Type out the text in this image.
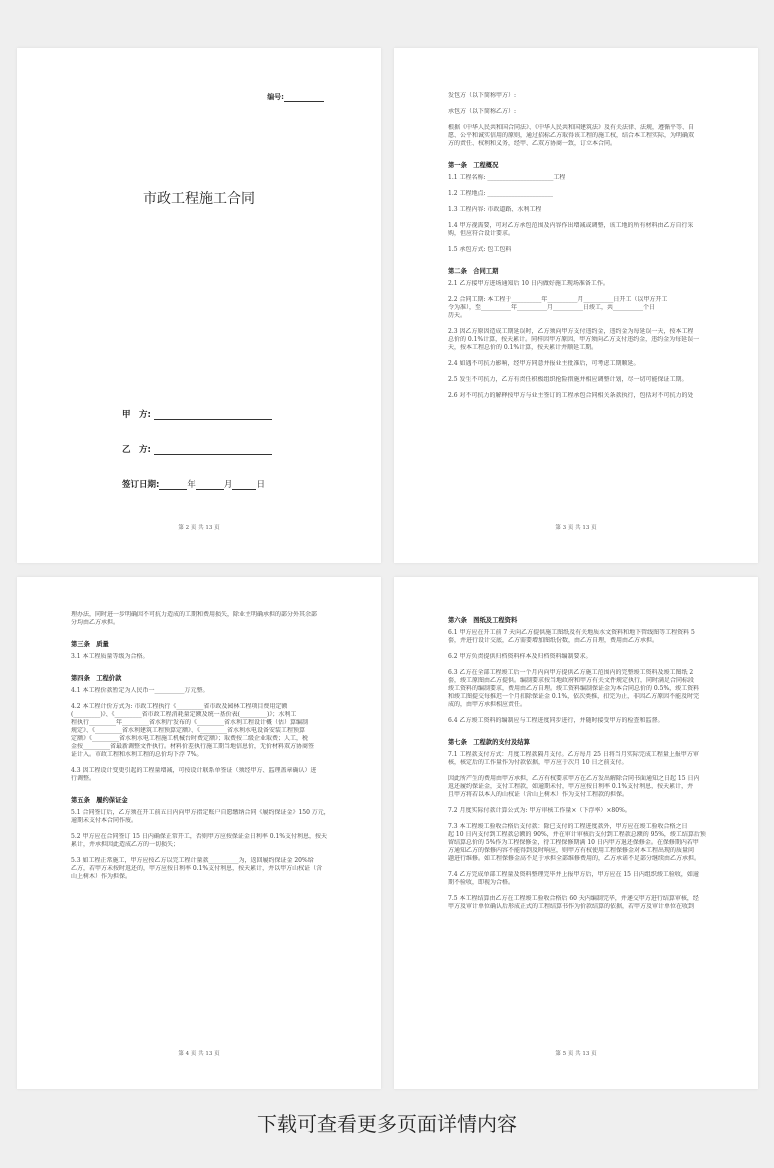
编号:
市政工程施工合同
甲　方:
乙　方:
签订日期:	年	月	日
第 2 页 共 13 页
发包方（以下简称甲方）:
承包方（以下简称乙方）:
根据《中华人民共和国合同法》、《中华人民共和国建筑法》及有关法律、法规，遵循平等、自
愿、公平和诚实信用的原则，通过招标乙方取得该工程的施工权，结合本工程实际，为明确双
方的责任、权利和义务，经甲、乙双方协商一致，订立本合同。
第一条　工程概况
1.1 工程名称: ______________________工程
1.2 工程地点: ______________________
1.3 工程内容: 市政道路、水利工程
1.4 甲方视需要，可对乙方承包范围及内容作出增减或调整，该工地的所有材料由乙方自行采
购，但应符合设计要求。
1.5 承包方式: 包工包料
第二条　合同工期
2.1 乙方接甲方进场通知后 10 日内做好施工现场准备工作。
2.2 合同工期: 本工程于__________年__________月__________日开工（以甲方开工
令为准），至__________年__________月__________日竣工，共__________个日
历天。
2.3 因乙方原因造成工期延误时，乙方须向甲方支付违约金，违约金为每延误一天，按本工程
总价的 0.1%计算，按天累计。同样因甲方原因，甲方须向乙方支付违约金，违约金为每延误一
天，按本工程总价的 0.1%计算，按天累计并顺延工期。
2.4 如遇不可抗力影响，经甲方同意并报业主批准后，可考虑工期顺延。
2.5 发生不可抗力，乙方有责任积极组织抢险措施并相应调整计划，尽一切可能保证工期。
2.6 对不可抗力的解释按甲方与业主签订的工程承包合同相关条款执行，包括对不可抗力的处
第 3 页 共 13 页
理办法，同时进一步明确因不可抗力造成的工期和费用损失，除业主明确承担的部分外其余部
分均由乙方承担。
第三条　质量
3.1 本工程质量等级为合格。
第四条　工程价款
4.1 本工程价款暂定为人民币一__________万元整。
4.2 本工程计价方式为: 市政工程执行《_________省市政及园林工程项目费用定额
(_________)》、《_________省市政工程消耗量定额及统一基价表(_________)》；水利工
程执行_________年_________省水利厅发布的《_________省水利工程设计概（估）算编制
规定》、《_________省水利建筑工程预算定额》、《_________省水利水电设备安装工程预算
定额》《_________省水利水电工程施工机械台时费定额》；取费按二级企业取费；人工，税
金按_________省最新调整文件执行。材料价差执行施工期当地信息价，无价材料双方协商签
证计入。市政工程和水利工程的总价均下浮 7%。
4.3 因工程设计变更引起的工程量增减，可按设计联系单签证（须经甲方、监理盖章确认）进
行调整。
第五条　履约保证金
5.1 合同签订后，乙方须在开工前五日内向甲方指定账户自愿缴纳合同《履约保证金》150 万元，
逾期未支付本合同作废。
5.2 甲方应在合同签订 15 日内确保正常开工，否则甲方应按保证金日利率 0.1%支付利息，按天
累计，并承担因此造成乙方的一切损失；
5.3 如工程正常施工，甲方应按乙方以完工程计量款__________为，返回履约保证金 20%给
乙方，若甲方未按时返还的，甲方应按日利率 0.1%支付利息，按天累计，并以甲方山权证（含
山上树木）作为担保。
第 4 页 共 13 页
第六条　图纸及工程资料
6.1 甲方应在开工前 7 天向乙方提供施工图纸及有关地质水文资料和地下管线图等工程资料 5
套，并进行设计交底，乙方需要增加图纸份数，由乙方自理，费用由乙方承担。
6.2 甲方负责提供归档资料样本及归档资料编制要求。
6.3 乙方在全部工程竣工后一个月内向甲方提供乙方施工范围内的完整竣工资料及竣工图纸 2
套，竣工原图由乙方提供。编制要求按当地政府和甲方有关文件规定执行，同时满足合同标段
竣工资料的编制要求，费用由乙方自理。竣工资料编制保证金为本合同总价的 0.5%，竣工资料
和竣工图提交每推迟一个月扣除保证金 0.1%，依次类推，扣完为止，非因乙方原因不能及时完
成的，由甲方承担相应责任。
6.4 乙方竣工资料的编制应与工程进度同步进行，并随时接受甲方的检查和监督。
第七条　工程款的支付及结算
7.1 工程款支付方式：月度工程款隔月支付。乙方每月 25 日将当月实际完成工程量上报甲方审
核，核定后的工作量作为付款依据，甲方应于次月 10 日之前支付。
因此所产生的费用由甲方承担，乙方有权要求甲方在乙方发出解除合同书面通知之日起 15 日内
返还履约保证金，支付工程款，如逾期未付，甲方应按日利率 0.1%支付利息，按天累计，并
且甲方将若以本人的山权证（含山上树木）作为支付工程款的担保。
7.2 月度实际付款计算公式为: 甲方审核工作量×（下浮率）×80%。
7.3 本工程竣工验收合格后支付款：除已支付的工程进度款外，甲方应在竣工验收合格之日
起 10 日内支付到工程款总额的 90%，并在审计审核后支付到工程款总额的 95%，竣工结算后预
留结算总价的 5%作为工程保修金，待工程保修期满 10 日内甲方退还保修金。在保修期内若甲
方通知乙方的保修内容不能得到及时响应，则甲方有权使用工程保修金对本工程出现的质量问
题进行维修。如工程保修金高不足于承担全部维修费用的，乙方承诺不足部分继续由乙方承担。
7.4 乙方完成单部工程量及资料整理完毕并上报甲方后，甲方应在 15 日内组织竣工验收，如逾
期不验收，即视为合格。
7.5 本工程结算由乙方在工程竣工验收合格后 60 天内编制完毕，并递交甲方进行结算审核，经
甲方及审计单位确认后形成正式的工程结算书作为价款结算的依据，若甲方及审计单位在收到
第 5 页 共 13 页
下载可查看更多页面详情内容
